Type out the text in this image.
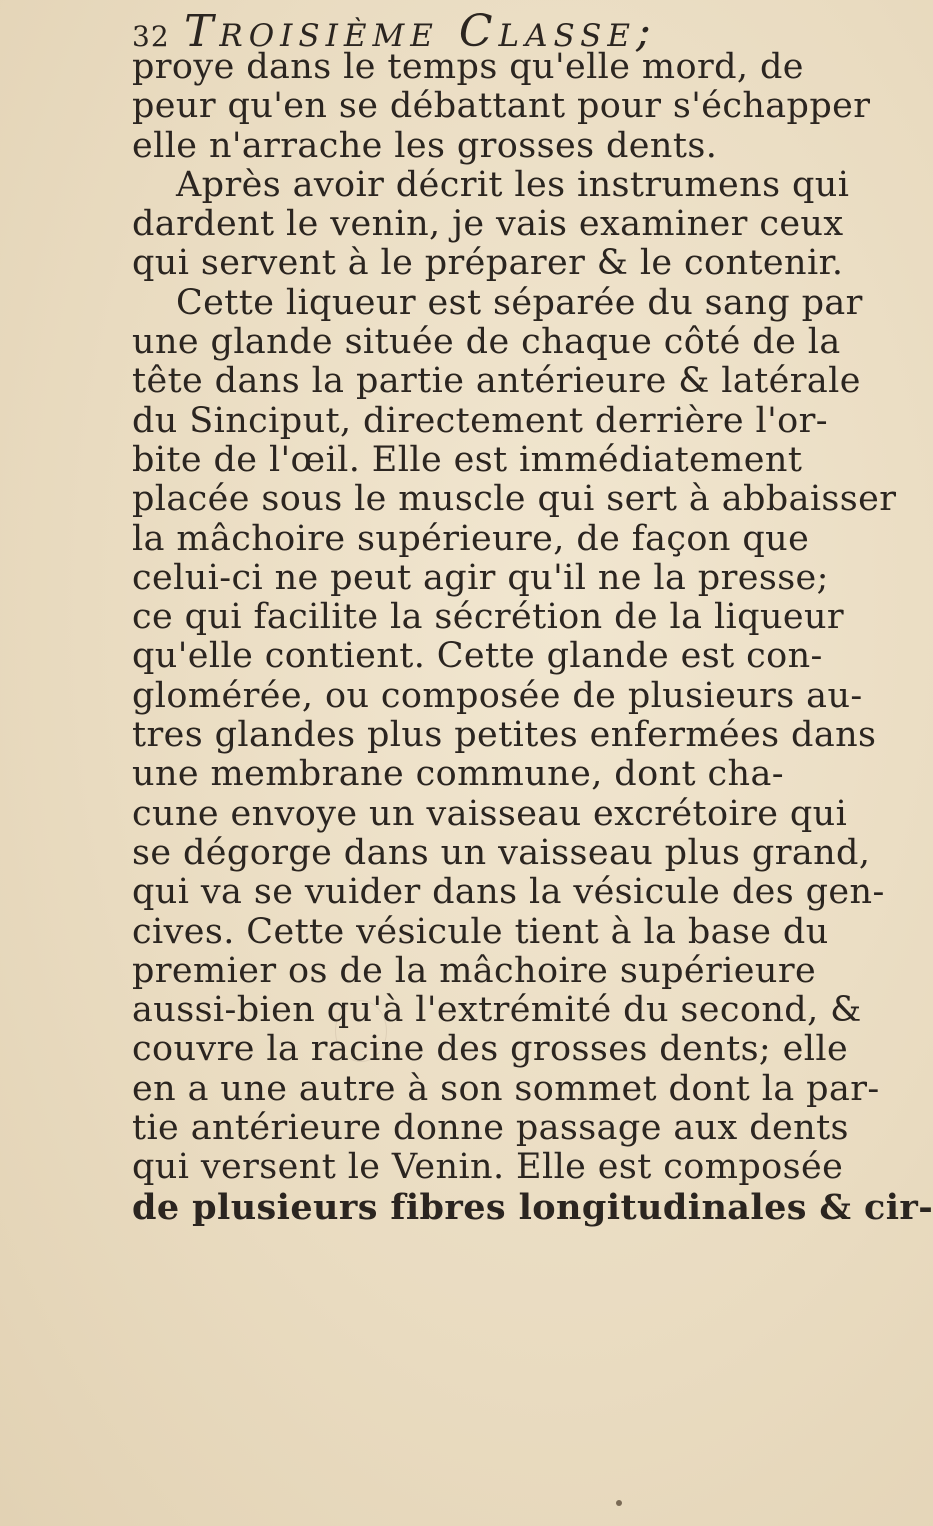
32 Troisième Classe;
proye dans le temps qu'elle mord, de
peur qu'en se débattant pour s'échapper
elle n'arrache les grosses dents.
Après avoir décrit les instrumens qui
dardent le venin, je vais examiner ceux
qui servent à le préparer & le contenir.
Cette liqueur est séparée du sang par
une glande située de chaque côté de la
tête dans la partie antérieure & latérale
du Sinciput, directement derrière l'or-
bite de l'œil. Elle est immédiatement
placée sous le muscle qui sert à abbaisser
la mâchoire supérieure, de façon que
celui-ci ne peut agir qu'il ne la presse;
ce qui facilite la sécrétion de la liqueur
qu'elle contient. Cette glande est con-
glomérée, ou composée de plusieurs au-
tres glandes plus petites enfermées dans
une membrane commune, dont cha-
cune envoye un vaisseau excrétoire qui
se dégorge dans un vaisseau plus grand,
qui va se vuider dans la vésicule des gen-
cives. Cette vésicule tient à la base du
premier os de la mâchoire supérieure
aussi-bien qu'à l'extrémité du second, &
couvre la racine des grosses dents; elle
en a une autre à son sommet dont la par-
tie antérieure donne passage aux dents
qui versent le Venin. Elle est composée
de plusieurs fibres longitudinales & cir-
